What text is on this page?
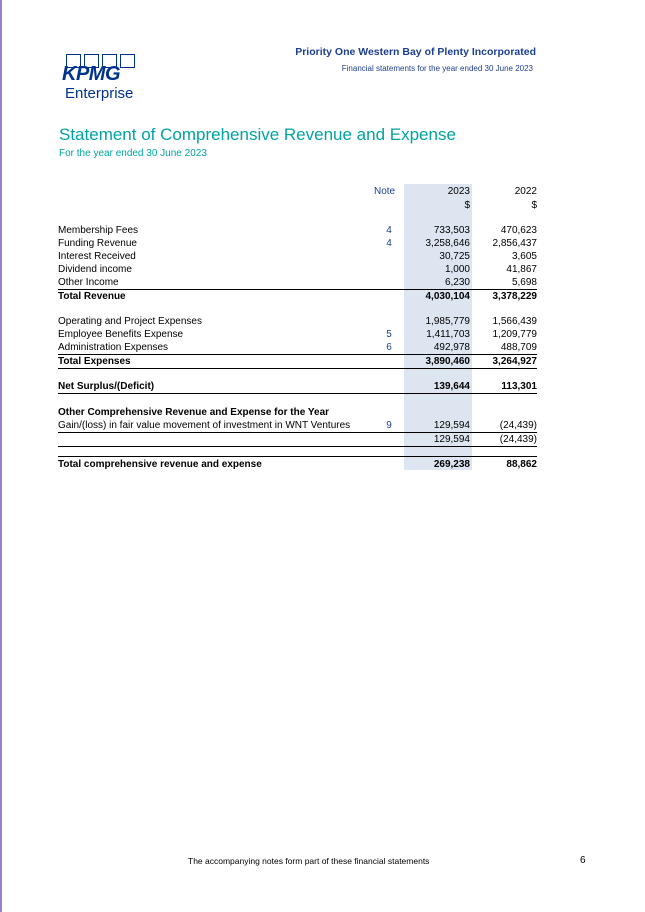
KPMG
Enterprise
Priority One Western Bay of Plenty Incorporated
Financial statements for the year ended 30 June 2023
Statement of Comprehensive Revenue and Expense
For the year ended 30 June 2023
Note	2023	2022
$	$
Membership Fees	4	733,503	470,623
Funding Revenue	4	3,258,646 2,856,437
Interest Received	30,725	3,605
Dividend income	1,000	41,867
Other Income	6,230	5,698
Total Revenue	4,030,104 3,378,229
Operating and Project Expenses	1,985,779 1,566,439
Employee Benefits Expense	5	1,411,703 1,209,779
Administration Expenses	6	492,978	488,709
Total Expenses	3,890,460 3,264,927
Net Surplus/(Deficit)	139,644	113,301
Other Comprehensive Revenue and Expense for the Year
Gain/(loss) in fair value movement of investment in WNT Ventures	9	129,594	(24,439)
129,594	(24,439)
Total comprehensive revenue and expense	269,238	88,862
The accompanying notes form part of these financial statements	6
